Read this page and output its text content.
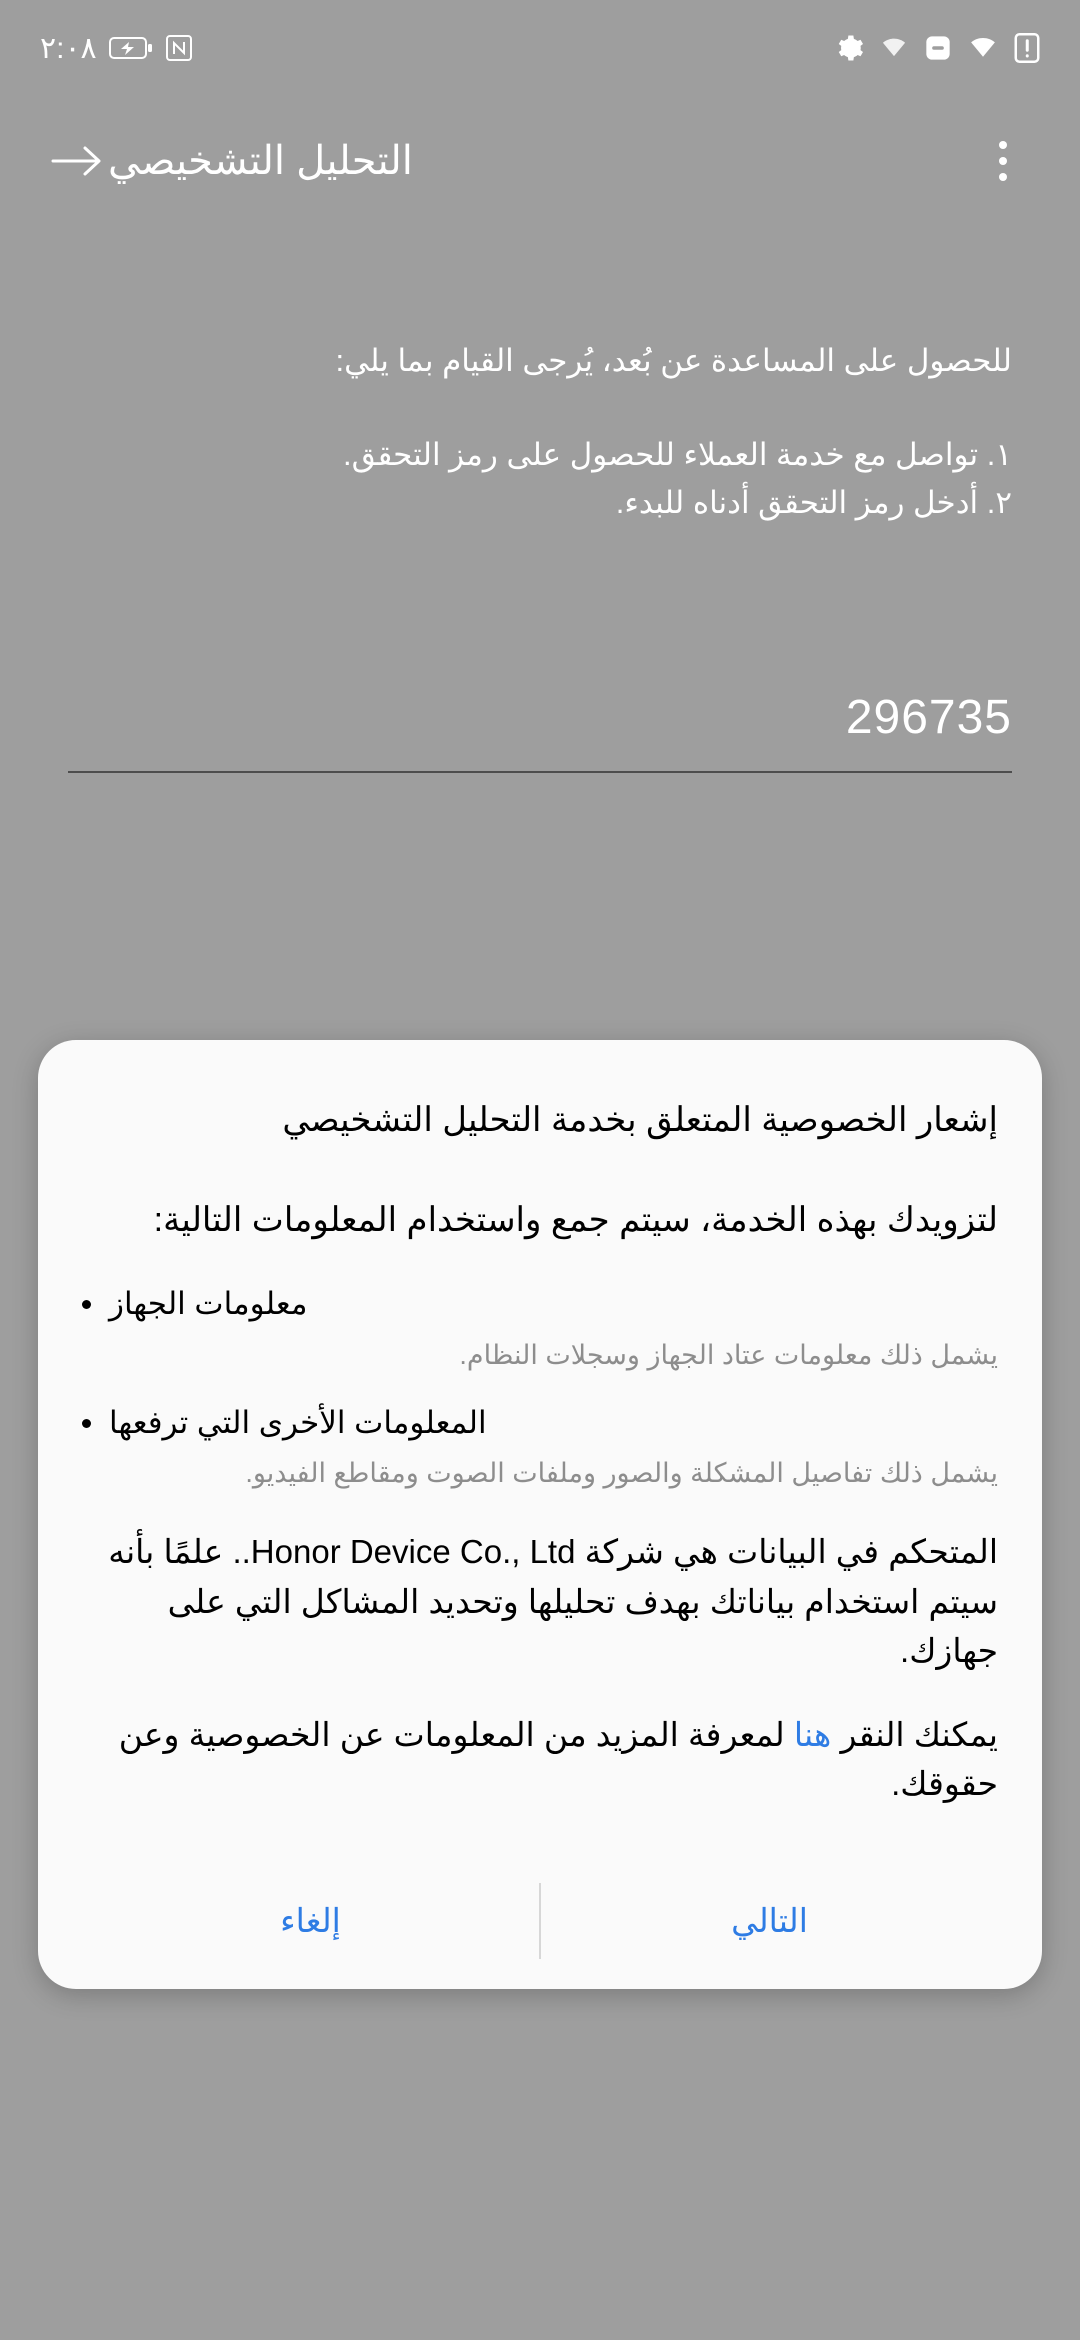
٢:٠٨
التحليل التشخيصي
للحصول على المساعدة عن بُعد، يُرجى القيام بما يلي:
١. تواصل مع خدمة العملاء للحصول على رمز التحقق.
٢. أدخل رمز التحقق أدناه للبدء.
296735
إشعار الخصوصية المتعلق بخدمة التحليل التشخيصي
لتزويدك بهذه الخدمة، سيتم جمع واستخدام المعلومات التالية:
معلومات الجهاز
يشمل ذلك معلومات عتاد الجهاز وسجلات النظام.
المعلومات الأخرى التي ترفعها
يشمل ذلك تفاصيل المشكلة والصور وملفات الصوت ومقاطع الفيديو.
المتحكم في البيانات هي شركة Honor Device Co., Ltd.. علمًا بأنه سيتم استخدام بياناتك بهدف تحليلها وتحديد المشاكل التي على جهازك.
يمكنك النقر هنا لمعرفة المزيد من المعلومات عن الخصوصية وعن حقوقك.
التالي
إلغاء
